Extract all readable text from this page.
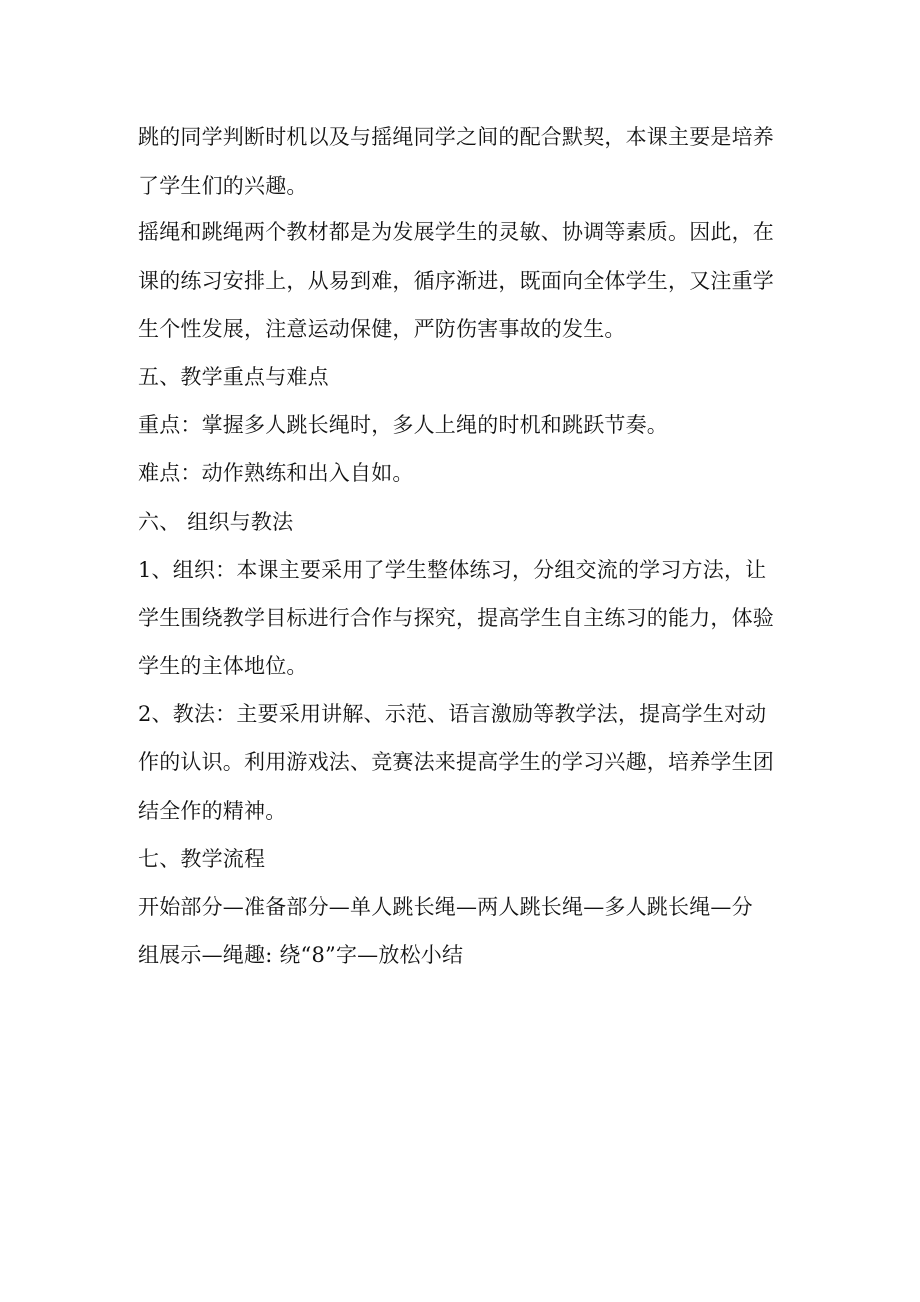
跳的同学判断时机以及与摇绳同学之间的配合默契，本课主要是培养
了学生们的兴趣。
摇绳和跳绳两个教材都是为发展学生的灵敏、协调等素质。因此，在
课的练习安排上，从易到难，循序渐进，既面向全体学生，又注重学
生个性发展，注意运动保健，严防伤害事故的发生。
五、教学重点与难点
重点：掌握多人跳长绳时，多人上绳的时机和跳跃节奏。
难点：动作熟练和出入自如。
六、 组织与教法
1、组织：本课主要采用了学生整体练习，分组交流的学习方法，让
学生围绕教学目标进行合作与探究，提高学生自主练习的能力，体验
学生的主体地位。
2、教法：主要采用讲解、示范、语言激励等教学法，提高学生对动
作的认识。利用游戏法、竞赛法来提高学生的学习兴趣，培养学生团
结全作的精神。
七、教学流程
开始部分—准备部分—单人跳长绳—两人跳长绳—多人跳长绳—分
组展示—绳趣: 绕“8”字—放松小结
